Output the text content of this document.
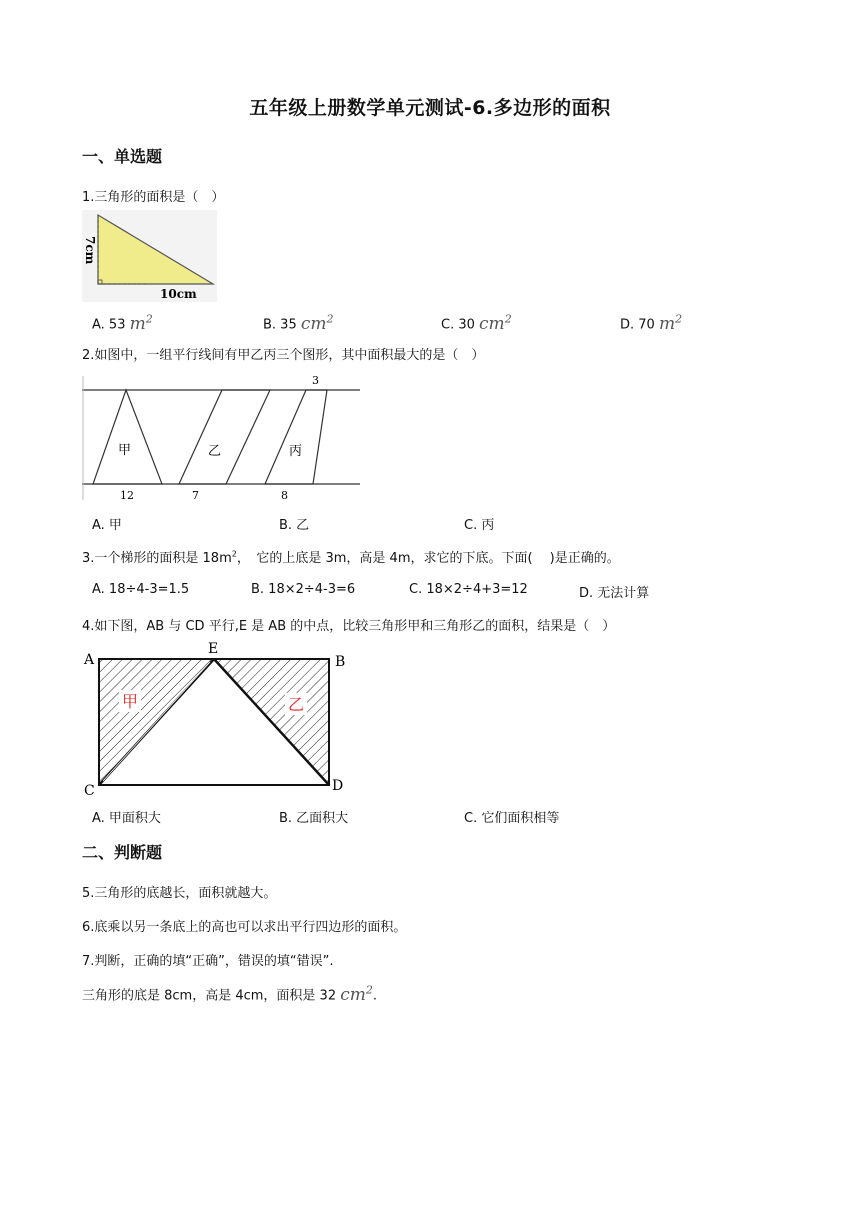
五年级上册数学单元测试-6.多边形的面积
一、单选题
1.三角形的面积是（　）
7cm
10cm
A. 53 $m^2$	B. 35 $cm^2$	C. 30 $cm^2$	D. 70 $m^2$
2.如图中，一组平行线间有甲乙丙三个图形，其中面积最大的是（　）
甲	乙	丙
3
12	7	8
A. 甲	B. 乙	C. 丙
3.一个梯形的面积是 $18m^2$，　它的上底是 3m，高是 4m，求它的下底。下面(　 )是正确的。
A. 18÷4-3=1.5	B. 18×2÷4-3=6	C. 18×2÷4+3=12	D. 无法计算
4.如下图，AB 与 CD 平行,E 是 AB 的中点，比较三角形甲和三角形乙的面积，结果是（　）
A
E
B
C	D
甲	乙
A. 甲面积大	B. 乙面积大	C. 它们面积相等
二、判断题
5.三角形的底越长，面积就越大。
6.底乘以另一条底上的高也可以求出平行四边形的面积。
7.判断，正确的填“正确”，错误的填“错误”.
三角形的底是 8cm，高是 4cm，面积是 32 $cm^2$.
